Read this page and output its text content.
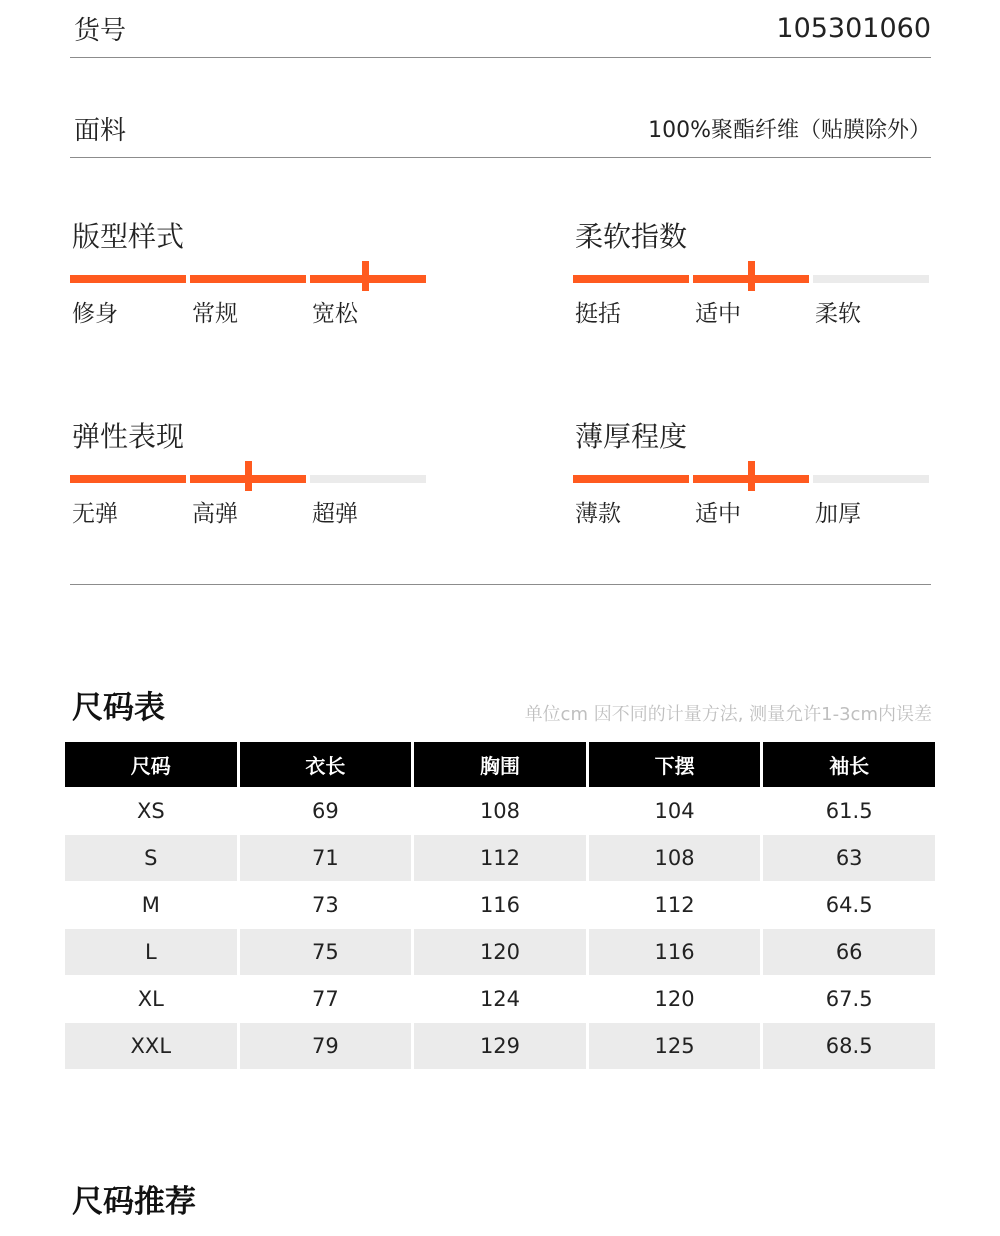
货号	105301060
面料	100%聚酯纤维（贴膜除外）
版型样式
修身	常规	宽松
柔软指数
挺括	适中	柔软
弹性表现
无弹	高弹	超弹
薄厚程度
薄款	适中	加厚
尺码表	单位cm 因不同的计量方法, 测量允许1-3cm内误差
尺码	衣长	胸围	下摆	袖长
XS	69	108	104	61.5
S	71	112	108	63
M	73	116	112	64.5
L	75	120	116	66
XL	77	124	120	67.5
XXL	79	129	125	68.5
尺码推荐
